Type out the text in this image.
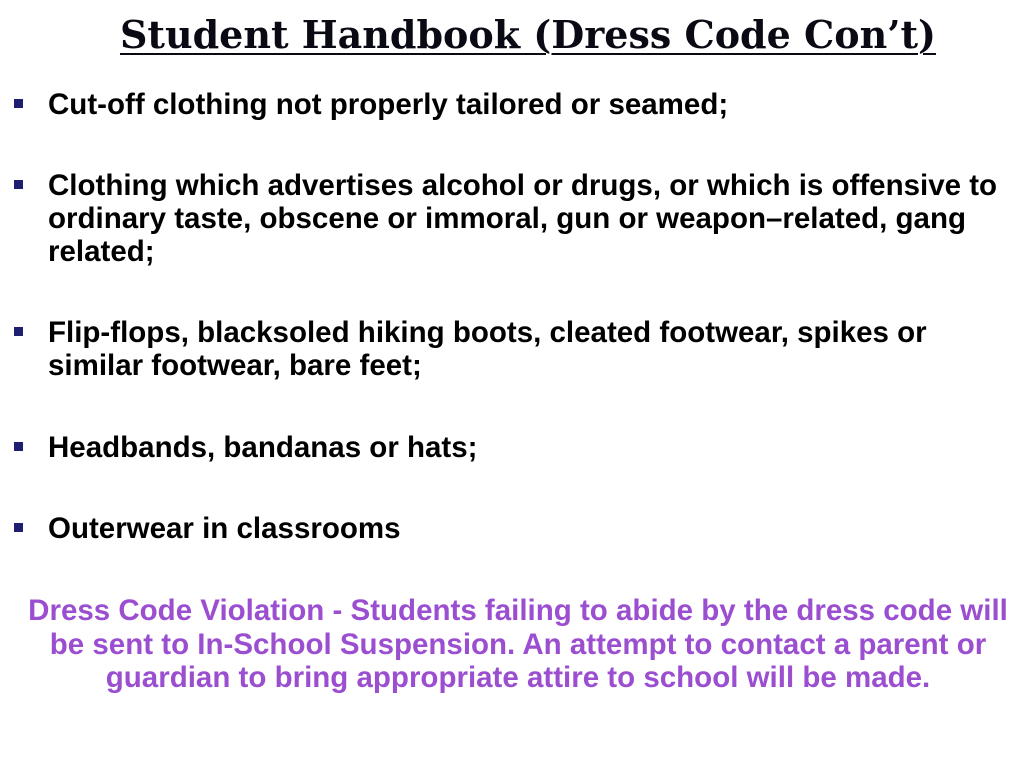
Student Handbook (Dress Code Con’t)
Cut-off clothing not properly tailored or seamed;
Clothing which advertises alcohol or drugs, or which is offensive to ordinary taste, obscene or immoral, gun or weapon–related, gang related;
Flip-flops, blacksoled hiking boots, cleated footwear, spikes or similar footwear, bare feet;
Headbands, bandanas or hats;
Outerwear in classrooms

Dress Code Violation - Students failing to abide by the dress code will be sent to In-School Suspension. An attempt to contact a parent or guardian to bring appropriate attire to school will be made.
